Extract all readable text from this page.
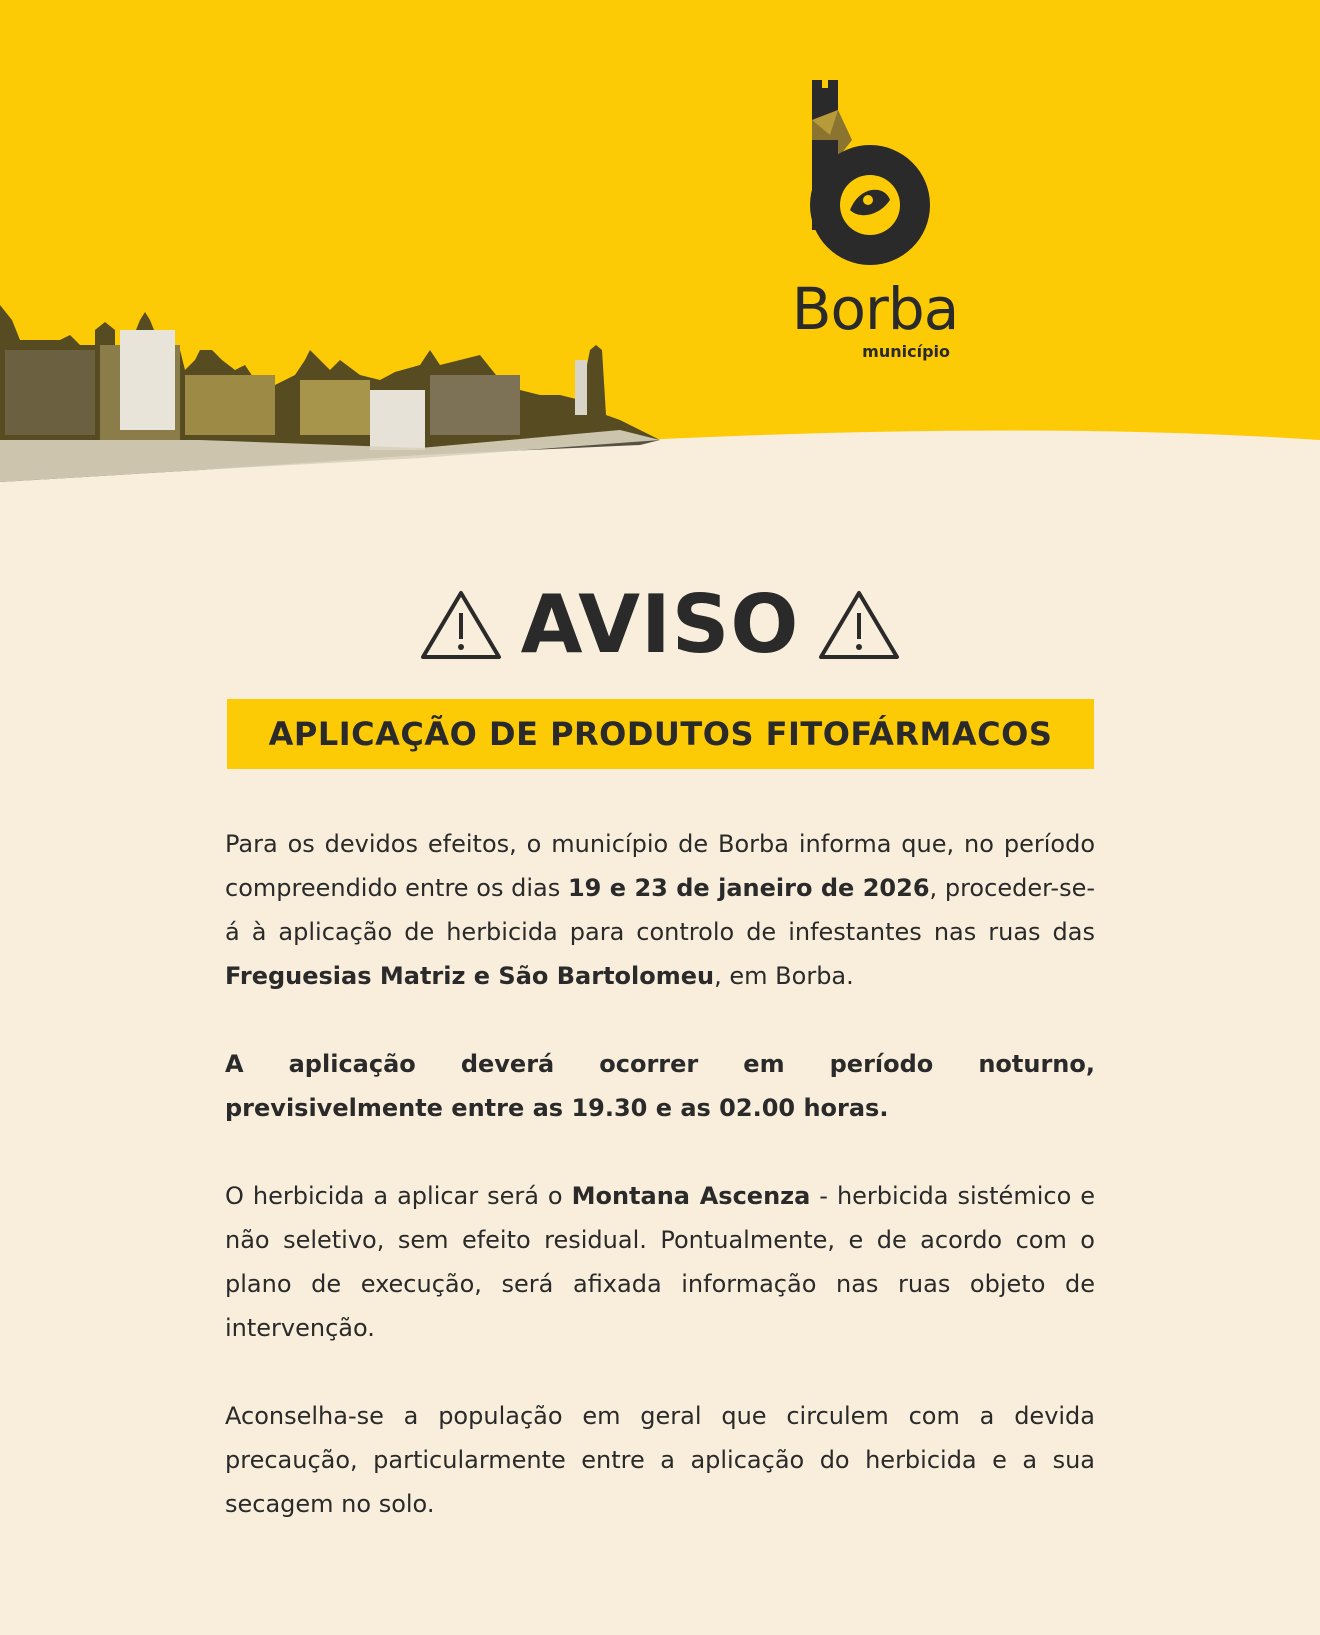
Borba
município
AVISO
APLICAÇÃO DE PRODUTOS FITOFÁRMACOS

Para os devidos efeitos, o município de Borba informa que, no período compreendido entre os dias 19 e 23 de janeiro de 2026, proceder-se-á à aplicação de herbicida para controlo de infestantes nas ruas das Freguesias Matriz e São Bartolomeu, em Borba.

A aplicação deverá ocorrer em período noturno, previsivelmente entre as 19.30 e as 02.00 horas.

O herbicida a aplicar será o Montana Ascenza - herbicida sistémico e não seletivo, sem efeito residual. Pontualmente, e de acordo com o plano de execução, será afixada informação nas ruas objeto de intervenção.

Aconselha-se a população em geral que circulem com a devida precaução, particularmente entre a aplicação do herbicida e a sua secagem no solo.
